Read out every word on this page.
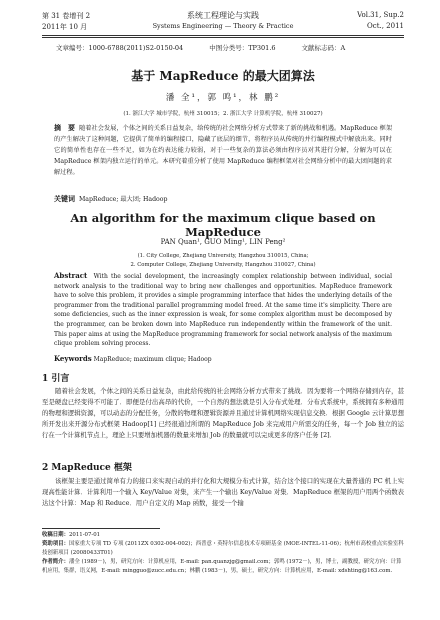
第 31 卷增刊 2
2011年 10 月
系统工程理论与实践
Systems Engineering — Theory & Practice
Vol.31, Sup.2
Oct., 2011
文章编号：1000-6788(2011)S2-0150-04	中图分类号：TP301.6	文献标志码：A
基于 MapReduce 的最大团算法
潘 全¹，郭 鸣¹，林 鹏²
(1. 浙江大学 城市学院，杭州 310015；2. 浙江大学 计算机学院，杭州 310027)
摘　要 随着社会发展，个体之间的关系日益复杂，给传统的社会网络分析方式带来了新的挑战和机遇。MapReduce 框架的产生解决了这种问题，它提供了简单的编程接口，隐藏了底层的细节，将程序员从传统的并行编程模式中解放出来。同时它的简单性也存在一些不足，如为在约表达能力较弱，对于一些复杂的算法必须由程序员对其进行分解，分解为可以在 MapReduce 框架内独立运行的单元。本研究着重分析了使用 MapReduce 编程框架对社会网络分析中的最大团问题的求解过程。
关键词 MapReduce; 最大团; Hadoop
An algorithm for the maximum clique based on MapReduce
PAN Quan¹, GUO Ming¹, LIN Peng²
(1. City College, Zhejiang University, Hangzhou 310015, China;
2. Computer College, Zhejiang University, Hangzhou 310027, China)
Abstract With the social development, the increasingly complex relationship between individual, social network analysis to the traditional way to bring new challenges and opportunities. MapReduce framework have to solve this problem, it provides a simple programming interface that hides the underlying details of the programmer from the traditional parallel programming model freed. At the same time it's simplicity. There are some deficiencies, such as the inner expression is weak, for some complex algorithm must be decomposed by the programmer, can be broken down into MapReduce run independently within the framework of the unit. This paper aims at using the MapReduce programming framework for social network analysis of the maximum clique problem solving process.
Keywords MapReduce; maximum clique; Hadoop
1 引言
随着社会发展，个体之间的关系日益复杂，由此给传统的社会网络分析方式带来了挑战．因为要将一个网络存储到内存，甚至是硬盘已经变得不可能了．即便是付出高昂的代价，一个自然的想法就是引入分布式处理．分布式系统中，系统拥有多种通用的物理和逻辑资源，可以动态的分配任务，分散的物理和逻辑资源并且通过计算机网络实现信息交换．根据 Google 云计算思想所开发出来开源分布式框架 Hadoop[1] 已经很通过所谓的 MapReduce Job 来完成用户所需交的任务，每一个 Job 独立的运行在一个计算机节点上，理论上只要增加机器的数量来增加 Job 的数量就可以完成更多的客户任务 [2]．
2 MapReduce 框架
该框架主要是通过简单有力的接口来实现自动的并行化和大规模分布式计算，结合这个接口的实现在大量普通的 PC 机上实现高性能计算．计算利用一个输入 Key/Value 对集，来产生一个输出 Key/Value 对集．MapReduce 框架的用户用两个函数表达这个计算：Map 和 Reduce．用户自定义的 Map 函数，接受一个输
收稿日期：2011-07-01
资助项目：国家重大专项 TD 专项 (2011ZX 0302-004-002)；西普意・英特尔信息技术专项研基金 (MOE-INTEL-11-06)；杭州市高校重点实验室科技创新项目 (20080433T01)
作者简介：潘全 (1989－)，男，研究方向：计算机应用，E-mail: pan.quanzjg@gmail.com；郭鸣 (1972－)，男，博士，副教授，研究方向：计算机应用，集群，语义网，E-mail: mingguo@zucc.edu.cn；林鹏 (1983－)，男，硕士，研究方向：计算机应用，E-mail: xdshting@163.com.
